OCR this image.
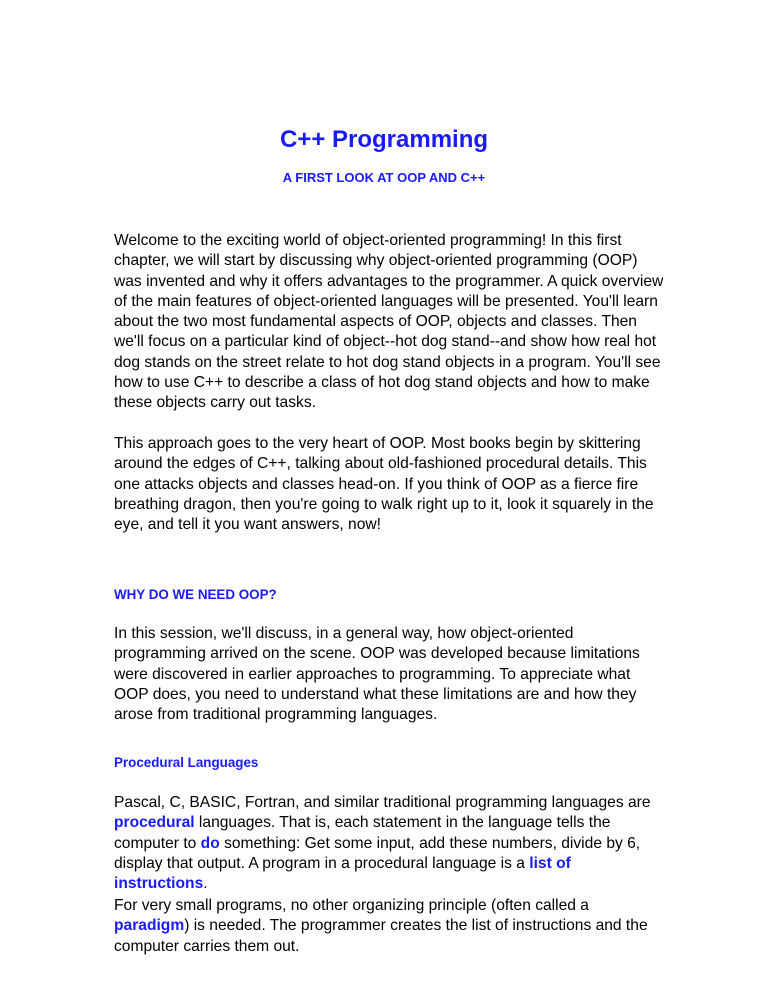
C++ Programming
A FIRST LOOK AT OOP AND C++

Welcome to the exciting world of object-oriented programming! In this first chapter, we will start by discussing why object-oriented programming (OOP) was invented and why it offers advantages to the programmer. A quick overview of the main features of object-oriented languages will be presented. You'll learn about the two most fundamental aspects of OOP, objects and classes. Then we'll focus on a particular kind of object--hot dog stand--and show how real hot dog stands on the street relate to hot dog stand objects in a program. You'll see how to use C++ to describe a class of hot dog stand objects and how to make these objects carry out tasks.

This approach goes to the very heart of OOP. Most books begin by skittering around the edges of C++, talking about old-fashioned procedural details. This one attacks objects and classes head-on. If you think of OOP as a fierce fire breathing dragon, then you're going to walk right up to it, look it squarely in the eye, and tell it you want answers, now!

WHY DO WE NEED OOP?

In this session, we'll discuss, in a general way, how object-oriented programming arrived on the scene. OOP was developed because limitations were discovered in earlier approaches to programming. To appreciate what OOP does, you need to understand what these limitations are and how they arose from traditional programming languages.

Procedural Languages

Pascal, C, BASIC, Fortran, and similar traditional programming languages are procedural languages. That is, each statement in the language tells the computer to do something: Get some input, add these numbers, divide by 6, display that output. A program in a procedural language is a list of instructions.

For very small programs, no other organizing principle (often called a paradigm) is needed. The programmer creates the list of instructions and the computer carries them out.
